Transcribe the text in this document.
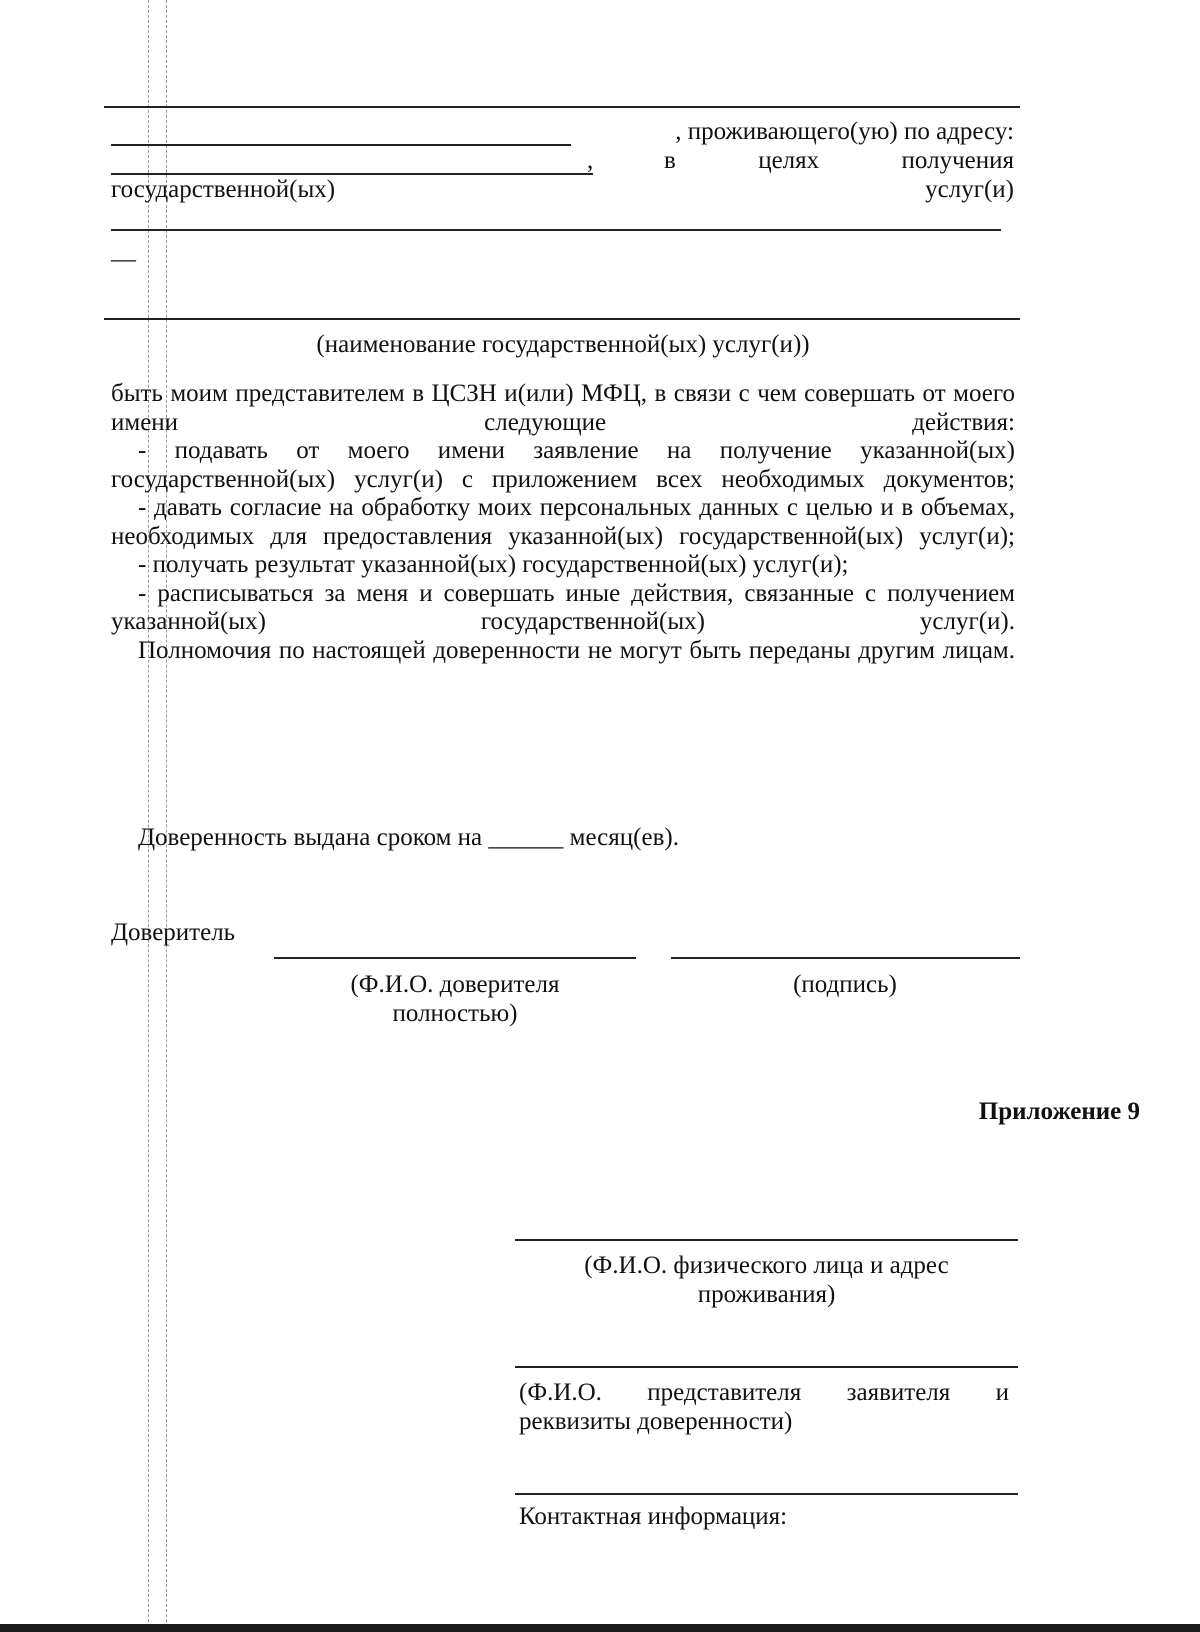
, проживающего(ую) по адресу:
,	в	целях	получения
государственной(ых)	услуг(и)
—
(наименование государственной(ых) услуг(и))

быть моим представителем в ЦСЗН и(или) МФЦ, в связи с чем совершать от моего имени следующие действия:

- подавать от моего имени заявление на получение указанной(ых) государственной(ых) услуг(и) с приложением всех необходимых документов;

- давать согласие на обработку моих персональных данных с целью и в объемах, необходимых для предоставления указанной(ых) государственной(ых) услуг(и);

- получать результат указанной(ых) государственной(ых) услуг(и);

- расписываться за меня и совершать иные действия, связанные с получением указанной(ых) государственной(ых) услуг(и).

Полномочия по настоящей доверенности не могут быть переданы другим лицам.

Доверенность выдана сроком на ______ месяц(ев).
Доверитель
(Ф.И.О. доверителя
полностью)
(подпись)
Приложение 9
(Ф.И.О. физического лица и адрес
проживания)
(Ф.И.О. представителя заявителя и
реквизиты доверенности)
Контактная информация:
